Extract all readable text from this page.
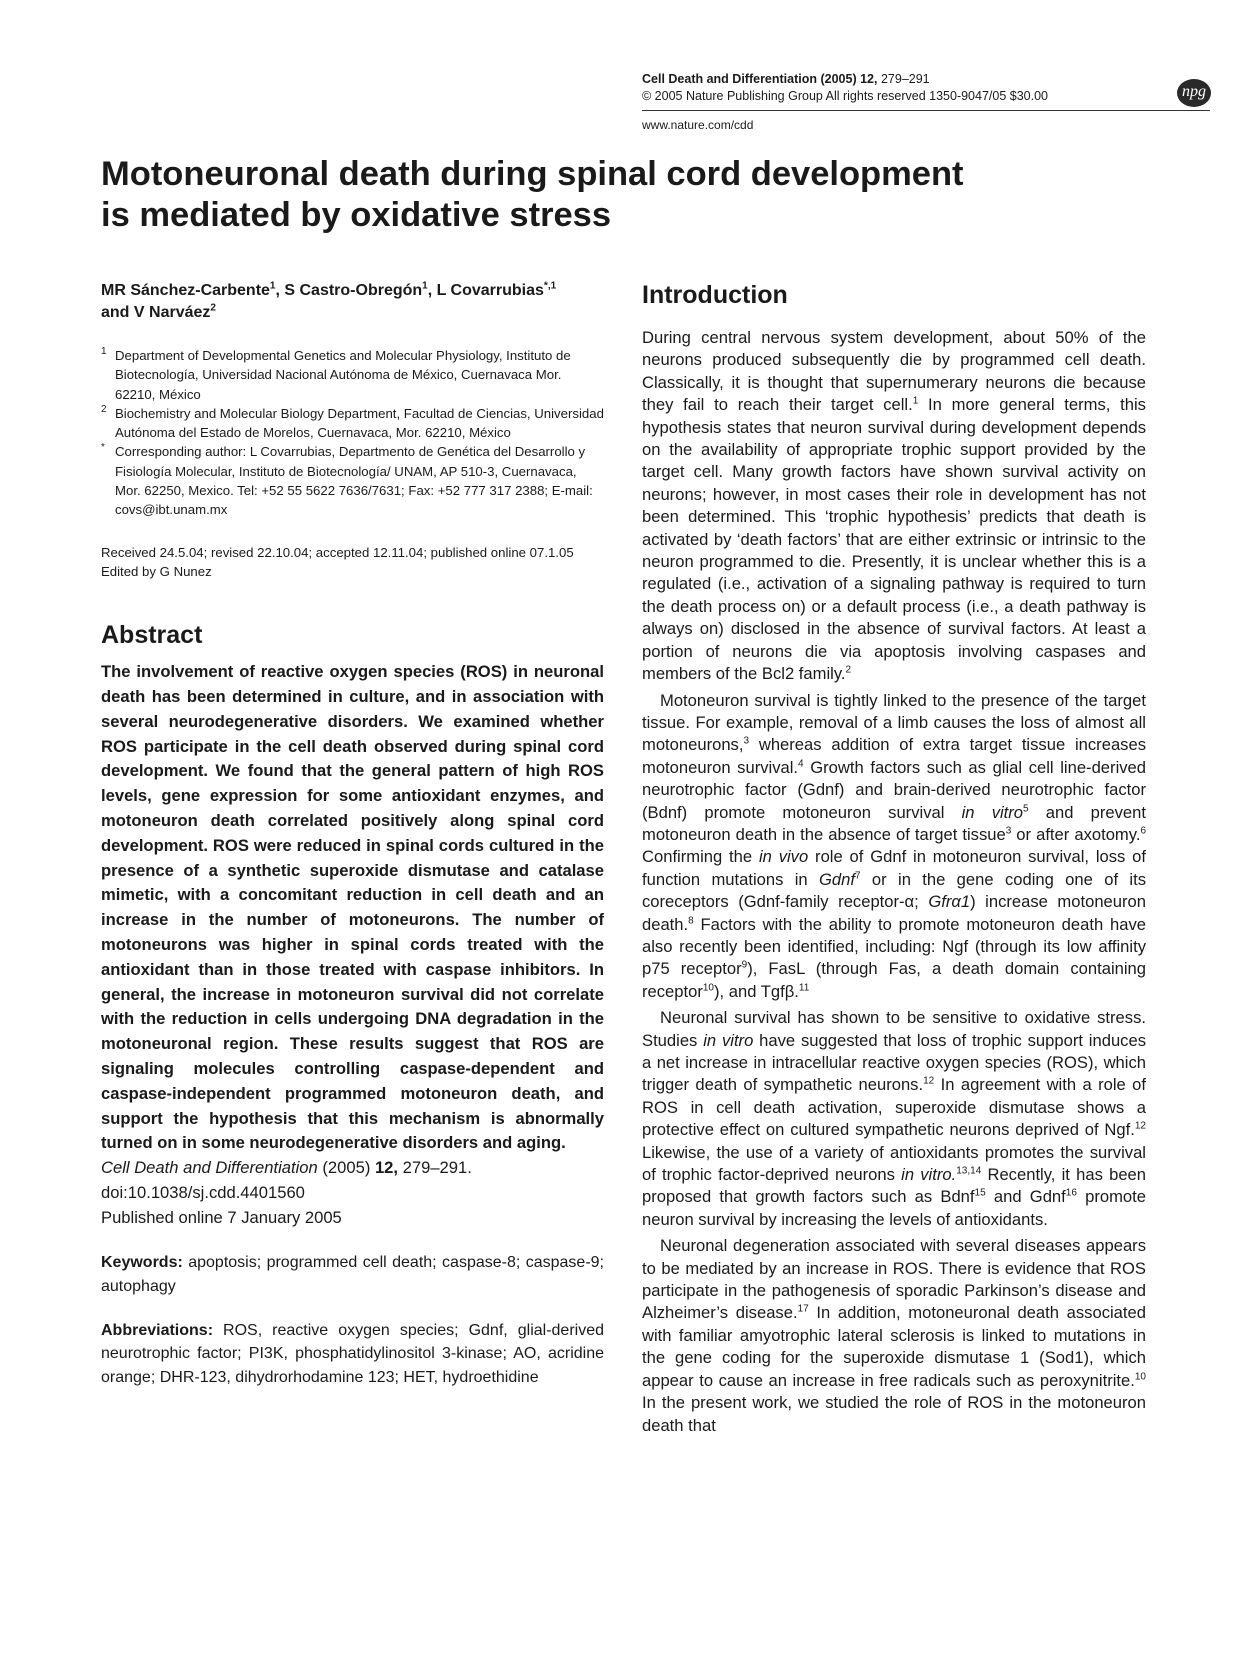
Cell Death and Differentiation (2005) 12, 279–291
© 2005 Nature Publishing Group All rights reserved 1350-9047/05 $30.00
www.nature.com/cdd
npg
Motoneuronal death during spinal cord development
is mediated by oxidative stress
MR Sánchez-Carbente$^1$, S Castro-Obregón$^1$, L Covarrubias$^{*,1}$
and V Narváez$^2$
1 Department of Developmental Genetics and Molecular Physiology, Instituto de Biotecnología, Universidad Nacional Autónoma de México, Cuernavaca Mor. 62210, México
2 Biochemistry and Molecular Biology Department, Facultad de Ciencias, Universidad Autónoma del Estado de Morelos, Cuernavaca, Mor. 62210, México
* Corresponding author: L Covarrubias, Departmento de Genética del Desarrollo y Fisiología Molecular, Instituto de Biotecnología/ UNAM, AP 510-3, Cuernavaca, Mor. 62250, Mexico. Tel: +52 55 5622 7636/7631; Fax: +52 777 317 2388; E-mail: covs@ibt.unam.mx
Received 24.5.04; revised 22.10.04; accepted 12.11.04; published online 07.1.05
Edited by G Nunez
Abstract
The involvement of reactive oxygen species (ROS) in neuronal death has been determined in culture, and in association with several neurodegenerative disorders. We examined whether ROS participate in the cell death observed during spinal cord development. We found that the general pattern of high ROS levels, gene expression for some antioxidant enzymes, and motoneuron death correlated positively along spinal cord development. ROS were reduced in spinal cords cultured in the presence of a synthetic superoxide dismutase and catalase mimetic, with a concomitant reduction in cell death and an increase in the number of motoneurons. The number of motoneurons was higher in spinal cords treated with the antioxidant than in those treated with caspase inhibitors. In general, the increase in motoneuron survival did not correlate with the reduction in cells undergoing DNA degradation in the motoneuronal region. These results suggest that ROS are signaling molecules controlling caspase-dependent and caspase-independent programmed motoneuron death, and support the hypothesis that this mechanism is abnormally turned on in some neurodegenerative disorders and aging.
Cell Death and Differentiation (2005) 12, 279–291.
doi:10.1038/sj.cdd.4401560
Published online 7 January 2005
Keywords: apoptosis; programmed cell death; caspase-8; caspase-9; autophagy
Abbreviations: ROS, reactive oxygen species; Gdnf, glial-derived neurotrophic factor; PI3K, phosphatidylinositol 3-kinase; AO, acridine orange; DHR-123, dihydrorhodamine 123; HET, hydroethidine
Introduction

During central nervous system development, about 50% of the neurons produced subsequently die by programmed cell death. Classically, it is thought that supernumerary neurons die because they fail to reach their target cell.$^1$ In more general terms, this hypothesis states that neuron survival during development depends on the availability of appropriate trophic support provided by the target cell. Many growth factors have shown survival activity on neurons; however, in most cases their role in development has not been determined. This ‘trophic hypothesis’ predicts that death is activated by ‘death factors’ that are either extrinsic or intrinsic to the neuron programmed to die. Presently, it is unclear whether this is a regulated (i.e., activation of a signaling pathway is required to turn the death process on) or a default process (i.e., a death pathway is always on) disclosed in the absence of survival factors. At least a portion of neurons die via apoptosis involving caspases and members of the Bcl2 family.$^2$

Motoneuron survival is tightly linked to the presence of the target tissue. For example, removal of a limb causes the loss of almost all motoneurons,$^3$ whereas addition of extra target tissue increases motoneuron survival.$^4$ Growth factors such as glial cell line-derived neurotrophic factor (Gdnf) and brain-derived neurotrophic factor (Bdnf) promote motoneuron survival in vitro$^5$ and prevent motoneuron death in the absence of target tissue$^3$ or after axotomy.$^6$ Confirming the in vivo role of Gdnf in motoneuron survival, loss of function mutations in Gdnf$^7$ or in the gene coding one of its coreceptors (Gdnf-family receptor-α; Gfrα1) increase motoneuron death.$^8$ Factors with the ability to promote motoneuron death have also recently been identified, including: Ngf (through its low affinity p75 receptor$^9$), FasL (through Fas, a death domain containing receptor$^{10}$), and Tgfβ.$^{11}$

Neuronal survival has shown to be sensitive to oxidative stress. Studies in vitro have suggested that loss of trophic support induces a net increase in intracellular reactive oxygen species (ROS), which trigger death of sympathetic neurons.$^{12}$ In agreement with a role of ROS in cell death activation, superoxide dismutase shows a protective effect on cultured sympathetic neurons deprived of Ngf.$^{12}$ Likewise, the use of a variety of antioxidants promotes the survival of trophic factor-deprived neurons in vitro.$^{13,14}$ Recently, it has been proposed that growth factors such as Bdnf$^{15}$ and Gdnf$^{16}$ promote neuron survival by increasing the levels of antioxidants.

Neuronal degeneration associated with several diseases appears to be mediated by an increase in ROS. There is evidence that ROS participate in the pathogenesis of sporadic Parkinson’s disease and Alzheimer’s disease.$^{17}$ In addition, motoneuronal death associated with familiar amyotrophic lateral sclerosis is linked to mutations in the gene coding for the superoxide dismutase 1 (Sod1), which appear to cause an increase in free radicals such as peroxynitrite.$^{10}$ In the present work, we studied the role of ROS in the motoneuron death that
